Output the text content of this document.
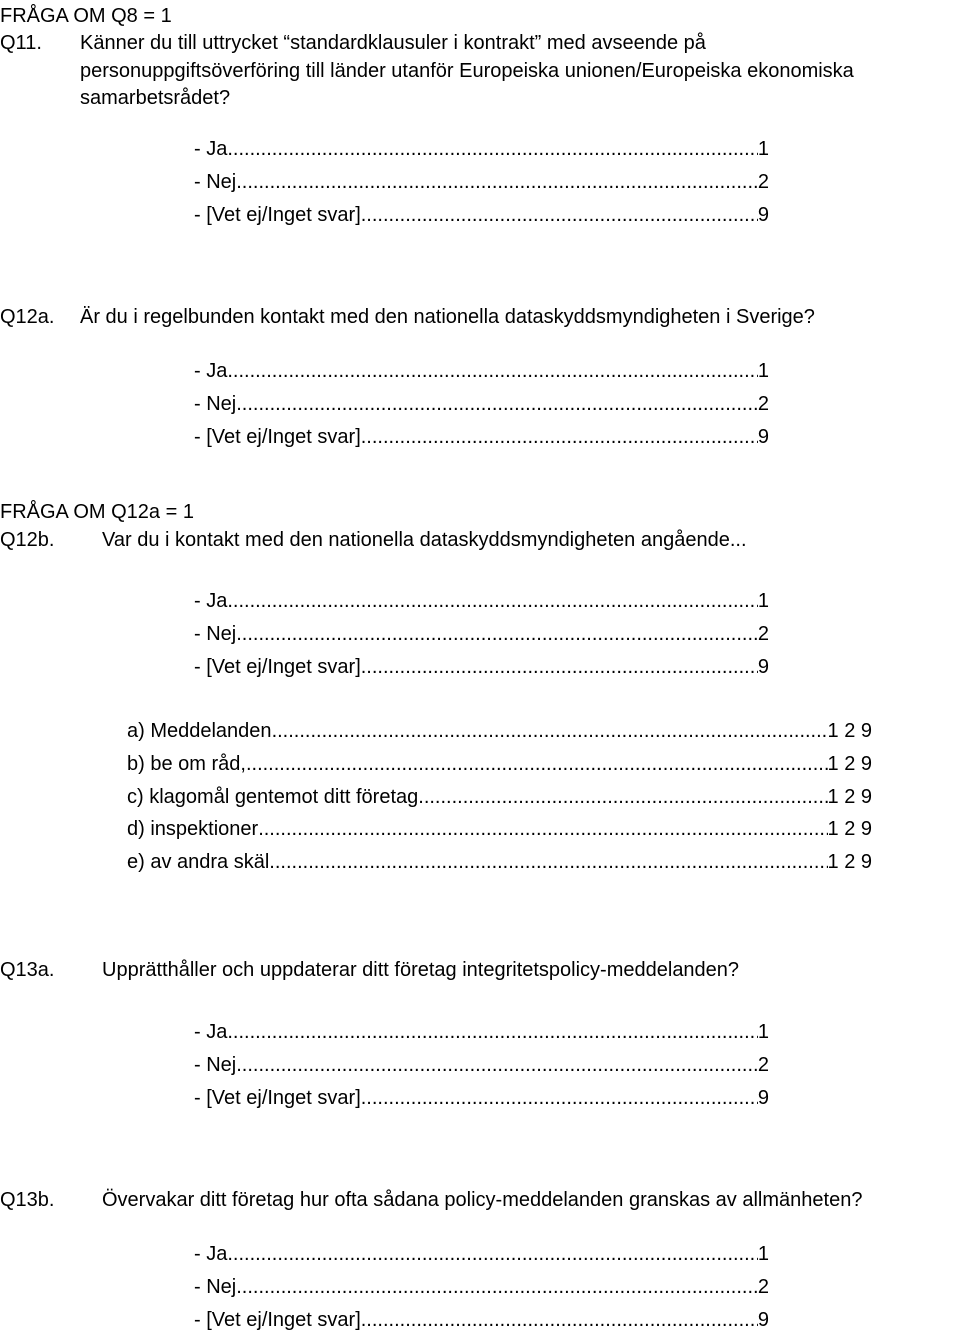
FRÅGA OM Q8 = 1
Q11. Känner du till uttrycket “standardklausuler i kontrakt” med avseende på
personuppgiftsöverföring till länder utanför Europeiska unionen/Europeiska ekonomiska
samarbetsrådet?
- Ja .....	1
- Nej .....	2
- [Vet ej/Inget svar] .....	9
Q12a. Är du i regelbunden kontakt med den nationella dataskyddsmyndigheten i Sverige?
- Ja .....	1
- Nej .....	2
- [Vet ej/Inget svar] .....	9
FRÅGA OM Q12a = 1
Q12b. Var du i kontakt med den nationella dataskyddsmyndigheten angående...
- Ja .....	1
- Nej .....	2
- [Vet ej/Inget svar] .....	9
a) Meddelanden .....	1 2 9
b) be om råd, .....	1 2 9
c) klagomål gentemot ditt företag .....	1 2 9
d) inspektioner .....	1 2 9
e) av andra skäl .....	1 2 9
Q13a. Upprätthåller och uppdaterar ditt företag integritetspolicy-meddelanden?
- Ja .....	1
- Nej .....	2
- [Vet ej/Inget svar] .....	9
Q13b. Övervakar ditt företag hur ofta sådana policy-meddelanden granskas av allmänheten?
- Ja .....	1
- Nej .....	2
- [Vet ej/Inget svar] .....	9
